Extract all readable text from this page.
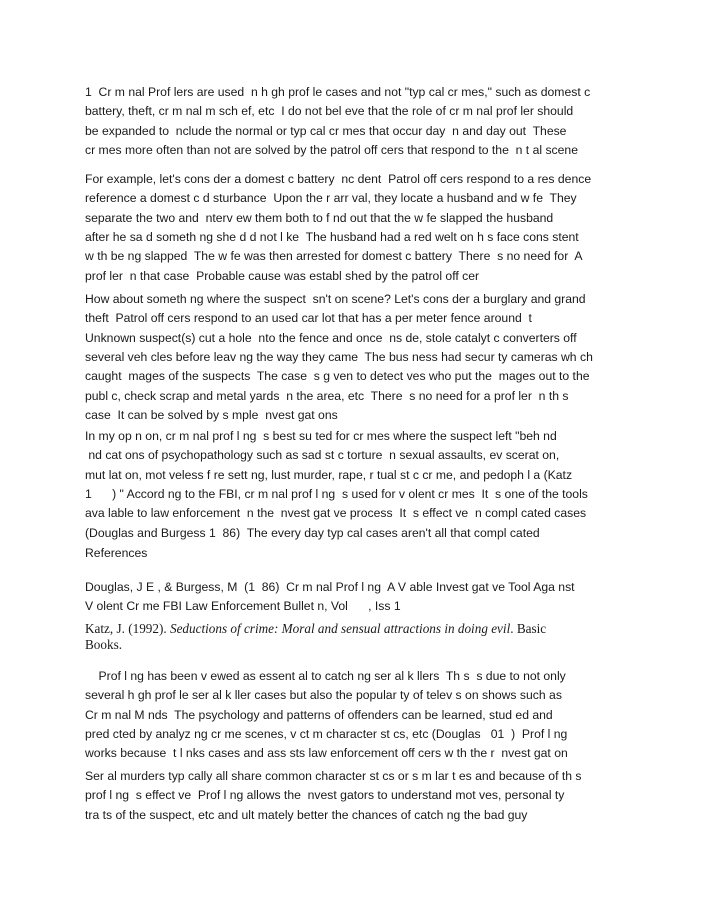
1  Cr m nal Prof lers are used  n h gh prof le cases and not "typ cal cr mes," such as domest c
battery, theft, cr m nal m sch ef, etc  I do not bel eve that the role of cr m nal prof ler should
be expanded to  nclude the normal or typ cal cr mes that occur day  n and day out  These
cr mes more often than not are solved by the patrol off cers that respond to the  n t al scene
For example, let's cons der a domest c battery  nc dent  Patrol off cers respond to a res dence
reference a domest c d sturbance  Upon the r arr val, they locate a husband and w fe  They
separate the two and  nterv ew them both to f nd out that the w fe slapped the husband
after he sa d someth ng she d d not l ke  The husband had a red welt on h s face cons stent
w th be ng slapped  The w fe was then arrested for domest c battery  There  s no need for  A
prof ler  n that case  Probable cause was establ shed by the patrol off cer
How about someth ng where the suspect  sn't on scene? Let's cons der a burglary and grand
theft  Patrol off cers respond to an used car lot that has a per meter fence around  t
Unknown suspect(s) cut a hole  nto the fence and once  ns de, stole catalyt c converters off
several veh cles before leav ng the way they came  The bus ness had secur ty cameras wh ch
caught  mages of the suspects  The case  s g ven to detect ves who put the  mages out to the
publ c, check scrap and metal yards  n the area, etc  There  s no need for a prof ler  n th s
case  It can be solved by s mple  nvest gat ons
In my op n on, cr m nal prof l ng  s best su ted for cr mes where the suspect left "beh nd
nd cat ons of psychopathology such as sad st c torture  n sexual assaults, ev scerat on,
mut lat on, mot veless f re sett ng, lust murder, rape, r tual st c cr me, and pedoph l a (Katz
1      ) " Accord ng to the FBI, cr m nal prof l ng  s used for v olent cr mes  It  s one of the tools
ava lable to law enforcement  n the  nvest gat ve process  It  s effect ve  n compl cated cases
(Douglas and Burgess 1  86)  The every day typ cal cases aren't all that compl cated
References
Douglas, J E , & Burgess, M  (1  86)  Cr m nal Prof l ng  A V able Invest gat ve Tool Aga nst
V olent Cr me FBI Law Enforcement Bullet n, Vol      , Iss 1
Prof l ng has been v ewed as essent al to catch ng ser al k llers  Th s  s due to not only
several h gh prof le ser al k ller cases but also the popular ty of telev s on shows such as
Cr m nal M nds  The psychology and patterns of offenders can be learned, stud ed and
pred cted by analyz ng cr me scenes, v ct m character st cs, etc (Douglas   01  )  Prof l ng
works because  t l nks cases and ass sts law enforcement off cers w th the r  nvest gat on
Ser al murders typ cally all share common character st cs or s m lar t es and because of th s
prof l ng  s effect ve  Prof l ng allows the  nvest gators to understand mot ves, personal ty
tra ts of the suspect, etc and ult mately better the chances of catch ng the bad guy
Katz, J. (1992). Seductions of crime: Moral and sensual attractions in doing evil. Basic
Books.
